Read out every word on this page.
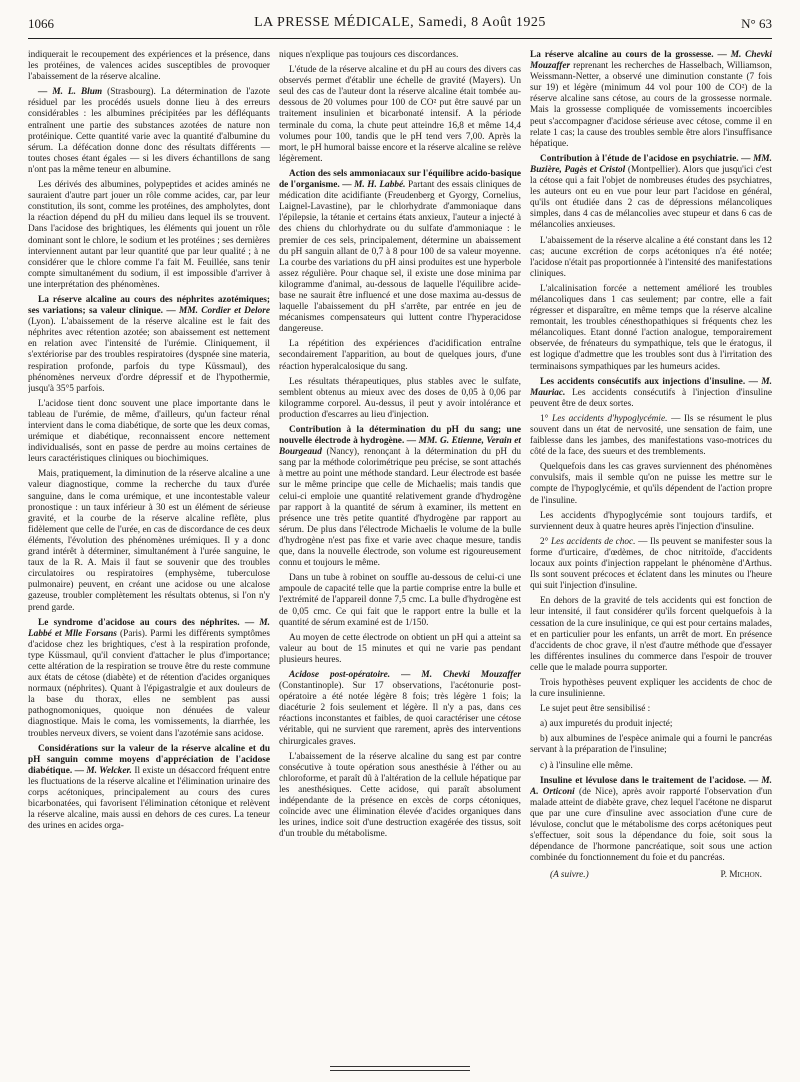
1066	LA PRESSE MÉDICALE, Samedi, 8 Août 1925	N° 63

indiquerait le recoupement des expériences et la présence, dans les protéines, de valences acides susceptibles de provoquer l'abaissement de la réserve alcaline.

— M. L. Blum (Strasbourg). La détermination de l'azote résiduel par les procédés usuels donne lieu à des erreurs considérables : les albumines précipitées par les défléquants entraînent une partie des substances azotées de nature non protéinique. Cette quantité varie avec la quantité d'albumine du sérum. La défécation donne donc des résultats différents — toutes choses étant égales — si les divers échantillons de sang n'ont pas la même teneur en albumine.

Les dérivés des albumines, polypeptides et acides aminés ne sauraient d'autre part jouer un rôle comme acides, car, par leur constitution, ils sont, comme les protéines, des ampholytes, dont la réaction dépend du pH du milieu dans lequel ils se trouvent. Dans l'acidose des brightiques, les éléments qui jouent un rôle dominant sont le chlore, le sodium et les protéines ; ses dernières interviennent autant par leur quantité que par leur qualité ; à ne considérer que le chlore comme l'a fait M. Feuillée, sans tenir compte simultanément du sodium, il est impossible d'arriver à une interprétation des phénomènes.

La réserve alcaline au cours des néphrites azotémiques; ses variations; sa valeur clinique. — MM. Cordier et Delore (Lyon). L'abaissement de la réserve alcaline est le fait des néphrites avec rétention azotée; son abaissement est nettement en relation avec l'intensité de l'urémie. Cliniquement, il s'extériorise par des troubles respiratoires (dyspnée sine materia, respiration profonde, parfois du type Küssmaul), des phénomènes nerveux d'ordre dépressif et de l'hypothermie, jusqu'à 35°5 parfois.

L'acidose tient donc souvent une place importante dans le tableau de l'urémie, de même, d'ailleurs, qu'un facteur rénal intervient dans le coma diabétique, de sorte que les deux comas, urémique et diabétique, reconnaissent encore nettement individualisés, sont en passe de perdre au moins certaines de leurs caractéristiques cliniques ou biochimiques.

Mais, pratiquement, la diminution de la réserve alcaline a une valeur diagnostique, comme la recherche du taux d'urée sanguine, dans le coma urémique, et une incontestable valeur pronostique : un taux inférieur à 30 est un élément de sérieuse gravité, et la courbe de la réserve alcaline reflète, plus fidèlement que celle de l'urée, en cas de discordance de ces deux éléments, l'évolution des phénomènes urémiques. Il y a donc grand intérêt à déterminer, simultanément à l'urée sanguine, le taux de la R. A. Mais il faut se souvenir que des troubles circulatoires ou respiratoires (emphysème, tuberculose pulmonaire) peuvent, en créant une acidose ou une alcalose gazeuse, troubler complètement les résultats obtenus, si l'on n'y prend garde.

Le syndrome d'acidose au cours des néphrites. — M. Labbé et Mlle Forsans (Paris). Parmi les différents symptômes d'acidose chez les brightiques, c'est à la respiration profonde, type Küssmaul, qu'il convient d'attacher le plus d'importance; cette altération de la respiration se trouve être du reste commune aux états de cétose (diabète) et de rétention d'acides organiques normaux (néphrites). Quant à l'épigastralgie et aux douleurs de la base du thorax, elles ne semblent pas aussi pathognomoniques, quoique non dénuées de valeur diagnostique. Mais le coma, les vomissements, la diarrhée, les troubles nerveux divers, se voient dans l'azotémie sans acidose.

Considérations sur la valeur de la réserve alcaline et du pH sanguin comme moyens d'appréciation de l'acidose diabétique. — M. Welcker. Il existe un désaccord fréquent entre les fluctuations de la réserve alcaline et l'élimination urinaire des corps acétoniques, principalement au cours des cures bicarbonatées, qui favorisent l'élimination cétonique et relèvent la réserve alcaline, mais aussi en dehors de ces cures. La teneur des urines en acides orga-

niques n'explique pas toujours ces discordances.

L'étude de la réserve alcaline et du pH au cours des divers cas observés permet d'établir une échelle de gravité (Mayers). Un seul des cas de l'auteur dont la réserve alcaline était tombée au-dessous de 20 volumes pour 100 de CO² put être sauvé par un traitement insulinien et bicarbonaté intensif. A la période terminale du coma, la chute peut atteindre 16,8 et même 14,4 volumes pour 100, tandis que le pH tend vers 7,00. Après la mort, le pH humoral baisse encore et la réserve alcaline se relève légèrement.

Action des sels ammoniacaux sur l'équilibre acido-basique de l'organisme. — M. H. Labbé. Partant des essais cliniques de médication dite acidifiante (Freudenberg et Gyorgy, Cornelius, Laignel-Lavastine), par le chlorhydrate d'ammoniaque dans l'épilepsie, la tétanie et certains états anxieux, l'auteur a injecté à des chiens du chlorhydrate ou du sulfate d'ammoniaque : le premier de ces sels, principalement, détermine un abaissement du pH sanguin allant de 0,7 à 8 pour 100 de sa valeur moyenne. La courbe des variations du pH ainsi produites est une hyperbole assez régulière. Pour chaque sel, il existe une dose minima par kilogramme d'animal, au-dessous de laquelle l'équilibre acide-base ne saurait être influencé et une dose maxima au-dessus de laquelle l'abaissement du pH s'arrête, par entrée en jeu de mécanismes compensateurs qui luttent contre l'hyperacidose dangereuse.

La répétition des expériences d'acidification entraîne secondairement l'apparition, au bout de quelques jours, d'une réaction hyperalcalosique du sang.

Les résultats thérapeutiques, plus stables avec le sulfate, semblent obtenus au mieux avec des doses de 0,05 à 0,06 par kilogramme corporel. Au-dessus, il peut y avoir intolérance et production d'escarres au lieu d'injection.

Contribution à la détermination du pH du sang; une nouvelle électrode à hydrogène. — MM. G. Etienne, Verain et Bourgeaud (Nancy), renonçant à la détermination du pH du sang par la méthode colorimétrique peu précise, se sont attachés à mettre au point une méthode standard. Leur électrode est basée sur le même principe que celle de Michaelis; mais tandis que celui-ci emploie une quantité relativement grande d'hydrogène par rapport à la quantité de sérum à examiner, ils mettent en présence une très petite quantité d'hydrogène par rapport au sérum. De plus dans l'électrode Michaelis le volume de la bulle d'hydrogène n'est pas fixe et varie avec chaque mesure, tandis que, dans la nouvelle électrode, son volume est rigoureusement connu et toujours le même.

Dans un tube à robinet on souffle au-dessous de celui-ci une ampoule de capacité telle que la partie comprise entre la bulle et l'extrémité de l'appareil donne 7,5 cmc. La bulle d'hydrogène est de 0,05 cmc. Ce qui fait que le rapport entre la bulle et la quantité de sérum examiné est de 1/150.

Au moyen de cette électrode on obtient un pH qui a atteint sa valeur au bout de 15 minutes et qui ne varie pas pendant plusieurs heures.

Acidose post-opératoire. — M. Chevki Mouzaffer (Constantinople). Sur 17 observations, l'acétonurie post-opératoire a été notée légère 8 fois; très légère 1 fois; la diacéturie 2 fois seulement et légère. Il n'y a pas, dans ces réactions inconstantes et faibles, de quoi caractériser une cétose véritable, qui ne survient que rarement, après des interventions chirurgicales graves.

L'abaissement de la réserve alcaline du sang est par contre consécutive à toute opération sous anesthésie à l'éther ou au chloroforme, et paraît dû à l'altération de la cellule hépatique par les anesthésiques. Cette acidose, qui paraît absolument indépendante de la présence en excès de corps cétoniques, coïncide avec une élimination élevée d'acides organiques dans les urines, indice soit d'une destruction exagérée des tissus, soit d'un trouble du métabolisme.

La réserve alcaline au cours de la grossesse. — M. Chevki Mouzaffer reprenant les recherches de Hasselbach, Williamson, Weissmann-Netter, a observé une diminution constante (7 fois sur 19) et légère (minimum 44 vol pour 100 de CO²) de la réserve alcaline sans cétose, au cours de la grossesse normale. Mais la grossesse compliquée de vomissements incoercibles peut s'accompagner d'acidose sérieuse avec cétose, comme il en relate 1 cas; la cause des troubles semble être alors l'insuffisance hépatique.

Contribution à l'étude de l'acidose en psychiatrie. — MM. Buzière, Pagès et Cristol (Montpellier). Alors que jusqu'ici c'est la cétose qui a fait l'objet de nombreuses études des psychiatres, les auteurs ont eu en vue pour leur part l'acidose en général, qu'ils ont étudiée dans 2 cas de dépressions mélancoliques simples, dans 4 cas de mélancolies avec stupeur et dans 6 cas de mélancolies anxieuses.

L'abaissement de la réserve alcaline a été constant dans les 12 cas; aucune excrétion de corps acétoniques n'a été notée; l'acidose n'était pas proportionnée à l'intensité des manifestations cliniques.

L'alcalinisation forcée a nettement amélioré les troubles mélancoliques dans 1 cas seulement; par contre, elle a fait régresser et disparaître, en même temps que la réserve alcaline remontait, les troubles cénesthopathiques si fréquents chez les mélancoliques. Etant donné l'action analogue, temporairement observée, de frénateurs du sympathique, tels que le ératogus, il est logique d'admettre que les troubles sont dus à l'irritation des terminaisons sympathiques par les humeurs acides.

Les accidents consécutifs aux injections d'insuline. — M. Mauriac. Les accidents consécutifs à l'injection d'insuline peuvent être de deux sortes.

1° Les accidents d'hypoglycémie. — Ils se résument le plus souvent dans un état de nervosité, une sensation de faim, une faiblesse dans les jambes, des manifestations vaso-motrices du côté de la face, des sueurs et des tremblements.

Quelquefois dans les cas graves surviennent des phénomènes convulsifs, mais il semble qu'on ne puisse les mettre sur le compte de l'hypoglycémie, et qu'ils dépendent de l'action propre de l'insuline.

Les accidents d'hypoglycémie sont toujours tardifs, et surviennent deux à quatre heures après l'injection d'insuline.

2° Les accidents de choc. — Ils peuvent se manifester sous la forme d'urticaire, d'œdèmes, de choc nitritoïde, d'accidents locaux aux points d'injection rappelant le phénomène d'Arthus. Ils sont souvent précoces et éclatent dans les minutes ou l'heure qui suit l'injection d'insuline.

En dehors de la gravité de tels accidents qui est fonction de leur intensité, il faut considérer qu'ils forcent quelquefois à la cessation de la cure insulinique, ce qui est pour certains malades, et en particulier pour les enfants, un arrêt de mort. En présence d'accidents de choc grave, il n'est d'autre méthode que d'essayer les différentes insulines du commerce dans l'espoir de trouver celle que le malade pourra supporter.

Trois hypothèses peuvent expliquer les accidents de choc de la cure insulinienne.

Le sujet peut être sensibilisé :

a) aux impuretés du produit injecté;

b) aux albumines de l'espèce animale qui a fourni le pancréas servant à la préparation de l'insuline;

c) à l'insuline elle même.

Insuline et lévulose dans le traitement de l'acidose. — M. A. Orticoni (de Nice), après avoir rapporté l'observation d'un malade atteint de diabète grave, chez lequel l'acétone ne disparut que par une cure d'insuline avec association d'une cure de lévulose, conclut que le métabolisme des corps acétoniques peut s'effectuer, soit sous la dépendance du foie, soit sous la dépendance de l'hormone pancréatique, soit sous une action combinée du fonctionnement du foie et du pancréas.

(A suivre.)	P. Michon.
